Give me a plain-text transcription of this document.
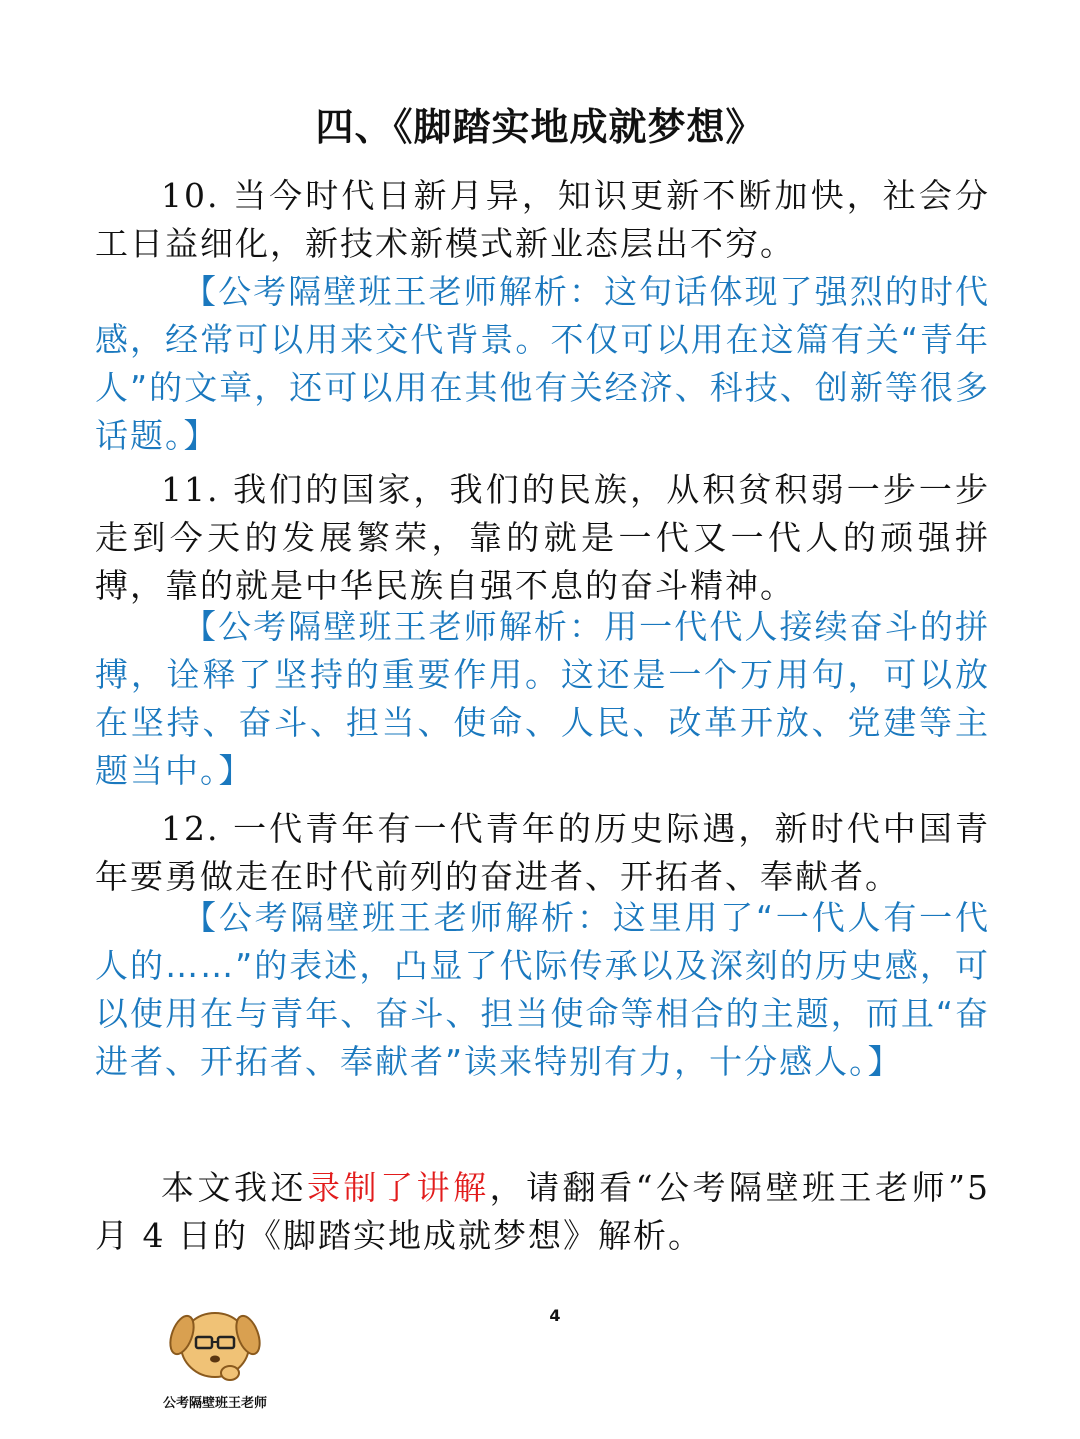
四、《脚踏实地成就梦想》

10. 当今时代日新月异，知识更新不断加快，社会分工日益细化，新技术新模式新业态层出不穷。

【公考隔壁班王老师解析：这句话体现了强烈的时代感，经常可以用来交代背景。不仅可以用在这篇有关“青年人”的文章，还可以用在其他有关经济、科技、创新等很多话题。】

11. 我们的国家，我们的民族，从积贫积弱一步一步走到今天的发展繁荣，靠的就是一代又一代人的顽强拼搏，靠的就是中华民族自强不息的奋斗精神。

【公考隔壁班王老师解析：用一代代人接续奋斗的拼搏，诠释了坚持的重要作用。这还是一个万用句，可以放在坚持、奋斗、担当、使命、人民、改革开放、党建等主题当中。】

12. 一代青年有一代青年的历史际遇，新时代中国青年要勇做走在时代前列的奋进者、开拓者、奉献者。

【公考隔壁班王老师解析：这里用了“一代人有一代人的……”的表述，凸显了代际传承以及深刻的历史感，可以使用在与青年、奋斗、担当使命等相合的主题，而且“奋进者、开拓者、奉献者”读来特别有力，十分感人。】

本文我还录制了讲解，请翻看“公考隔壁班王老师”5 月 4 日的《脚踏实地成就梦想》解析。

4
公考隔壁班王老师
